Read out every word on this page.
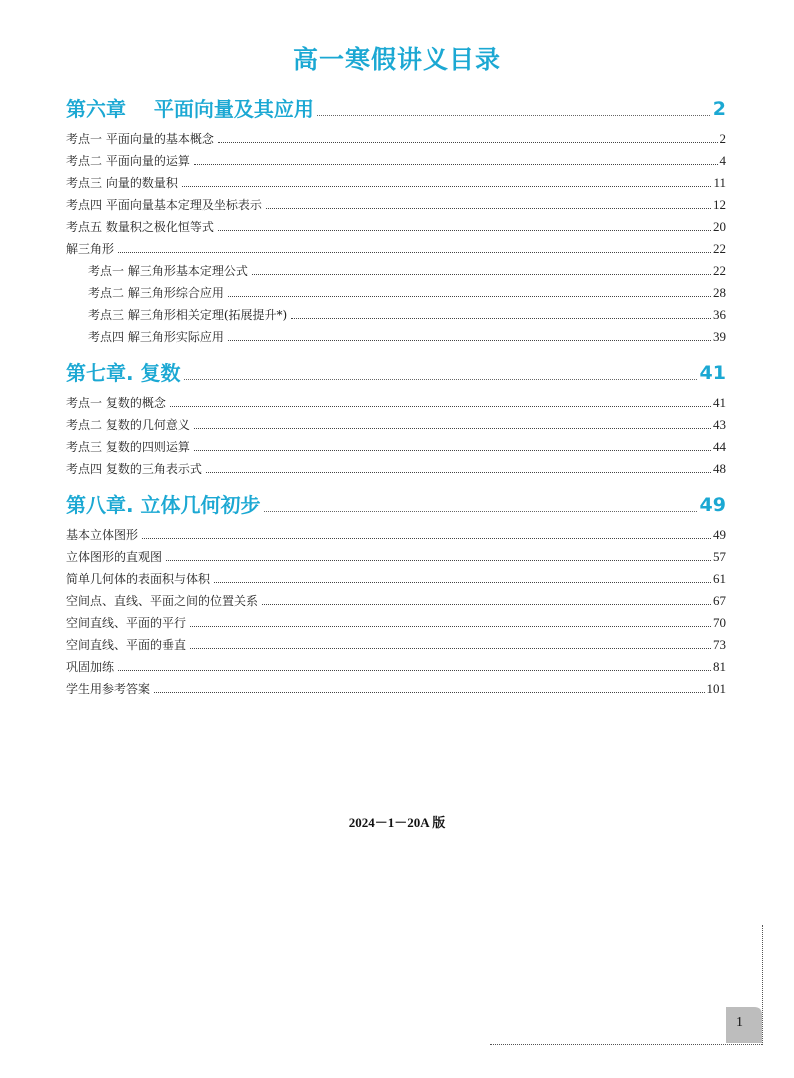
高一寒假讲义目录
第六章    平面向量及其应用	2
考点一 平面向量的基本概念	2
考点二 平面向量的运算	4
考点三 向量的数量积	11
考点四 平面向量基本定理及坐标表示	12
考点五 数量积之极化恒等式	20
解三角形	22
考点一 解三角形基本定理公式	22
考点二 解三角形综合应用	28
考点三 解三角形相关定理(拓展提升*)	36
考点四 解三角形实际应用	39
第七章. 复数	41
考点一 复数的概念	41
考点二 复数的几何意义	43
考点三 复数的四则运算	44
考点四 复数的三角表示式	48
第八章. 立体几何初步	49
基本立体图形	49
立体图形的直观图	57
简单几何体的表面积与体积	61
空间点、直线、平面之间的位置关系	67
空间直线、平面的平行	70
空间直线、平面的垂直	73
巩固加练	81
学生用参考答案	101
2024－1－20A 版
1
